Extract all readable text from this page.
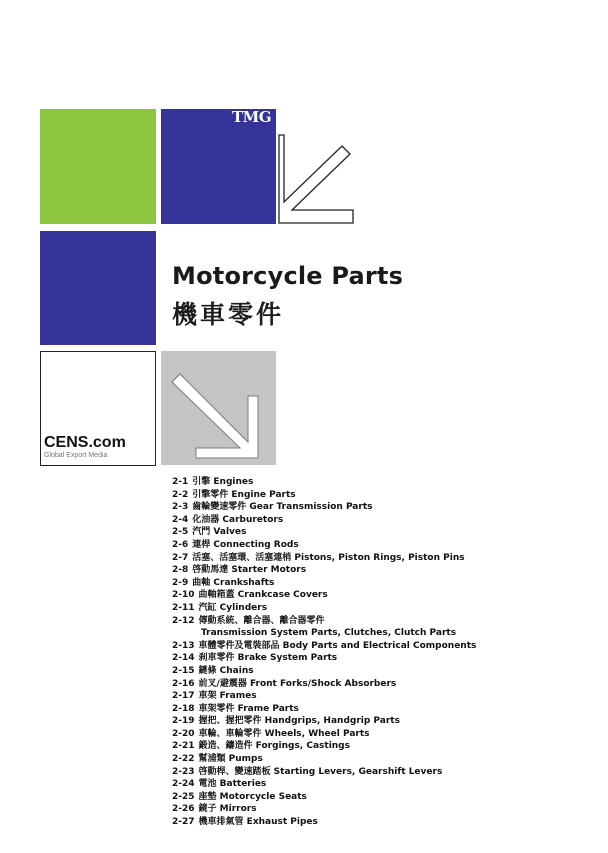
TMG
Motorcycle Parts
機車零件
CENS.com
Global Export Media
2-1 引擎 Engines
2-2 引擎零件 Engine Parts
2-3 齒輪變速零件 Gear Transmission Parts
2-4 化油器 Carburetors
2-5 汽門 Valves
2-6 連桿 Connecting Rods
2-7 活塞、活塞環、活塞連梢 Pistons, Piston Rings, Piston Pins
2-8 啓動馬達 Starter Motors
2-9 曲軸 Crankshafts
2-10 曲軸箱蓋 Crankcase Covers
2-11 汽缸 Cylinders
2-12 傳動系統、離合器、離合器零件
Transmission System Parts, Clutches, Clutch Parts
2-13 車體零件及電裝部品 Body Parts and Electrical Components
2-14 刹車零件 Brake System Parts
2-15 鏈條 Chains
2-16 前叉/避震器 Front Forks/Shock Absorbers
2-17 車架 Frames
2-18 車架零件 Frame Parts
2-19 握把、握把零件 Handgrips, Handgrip Parts
2-20 車輪、車輪零件 Wheels, Wheel Parts
2-21 鍛造、鑄造件 Forgings, Castings
2-22 幫浦類 Pumps
2-23 啓動桿、變速踏板 Starting Levers, Gearshift Levers
2-24 電池 Batteries
2-25 座墊 Motorcycle Seats
2-26 鏡子 Mirrors
2-27 機車排氣管 Exhaust Pipes
